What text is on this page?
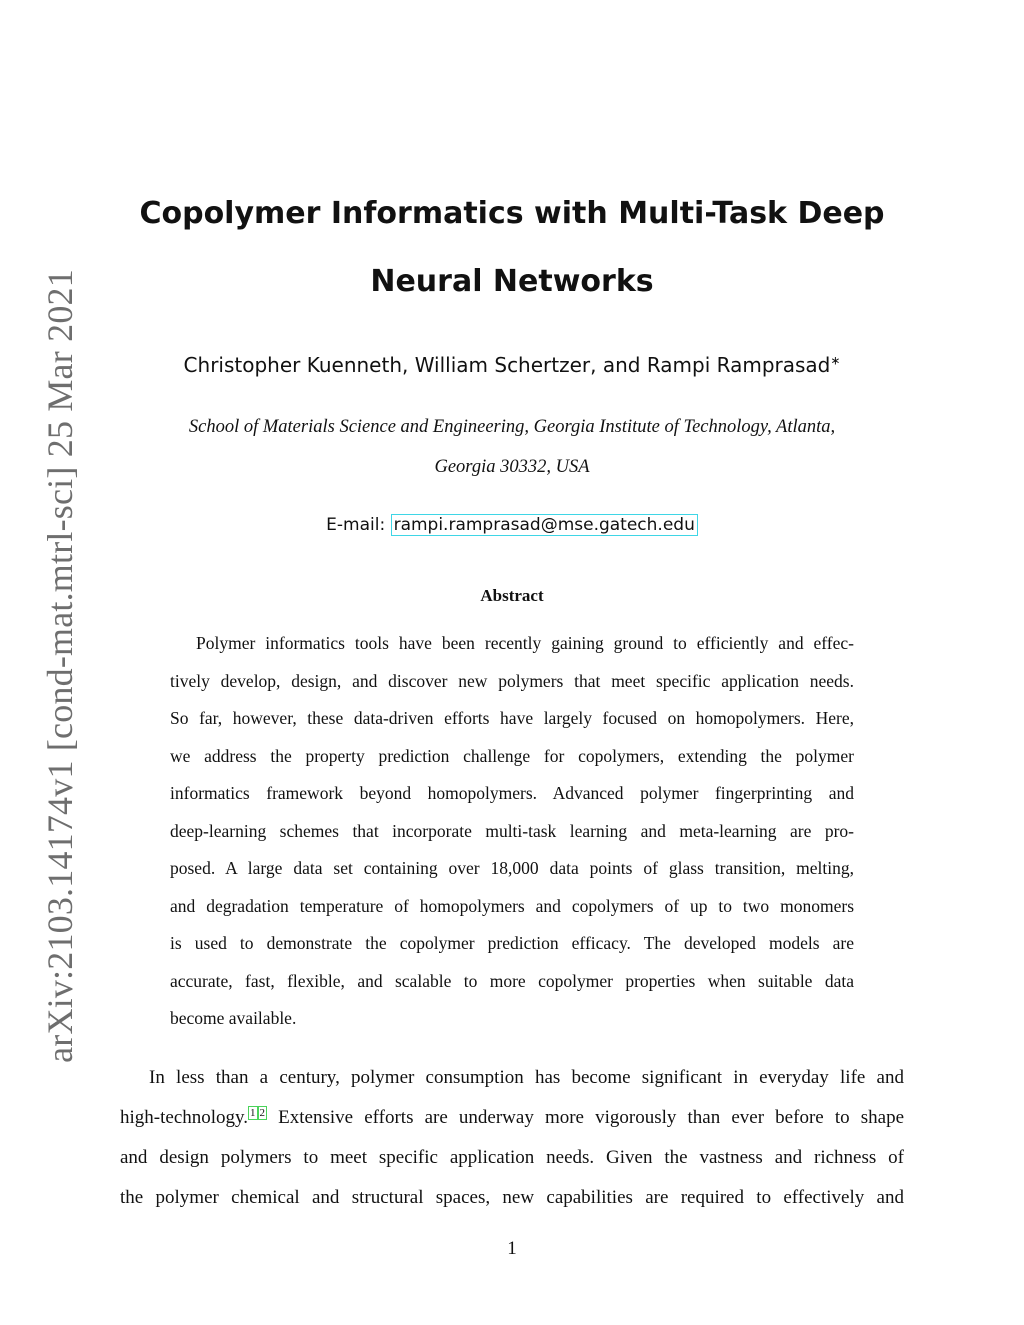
arXiv:2103.14174v1 [cond-mat.mtrl-sci] 25 Mar 2021
Copolymer Informatics with Multi-Task Deep
Neural Networks
Christopher Kuenneth, William Schertzer, and Rampi Ramprasad∗
School of Materials Science and Engineering, Georgia Institute of Technology, Atlanta,
Georgia 30332, USA
E-mail: rampi.ramprasad@mse.gatech.edu
Abstract
Polymer informatics tools have been recently gaining ground to efficiently and effec-
tively develop, design, and discover new polymers that meet specific application needs.
So far, however, these data-driven efforts have largely focused on homopolymers. Here,
we address the property prediction challenge for copolymers, extending the polymer
informatics framework beyond homopolymers. Advanced polymer fingerprinting and
deep-learning schemes that incorporate multi-task learning and meta-learning are pro-
posed. A large data set containing over 18,000 data points of glass transition, melting,
and degradation temperature of homopolymers and copolymers of up to two monomers
is used to demonstrate the copolymer prediction efficacy. The developed models are
accurate, fast, flexible, and scalable to more copolymer properties when suitable data
become available.
In less than a century, polymer consumption has become significant in everyday life and
high-technology. $^1$ $^2$ Extensive efforts are underway more vigorously than ever before to shape
and design polymers to meet specific application needs. Given the vastness and richness of
the polymer chemical and structural spaces, new capabilities are required to effectively and
1
